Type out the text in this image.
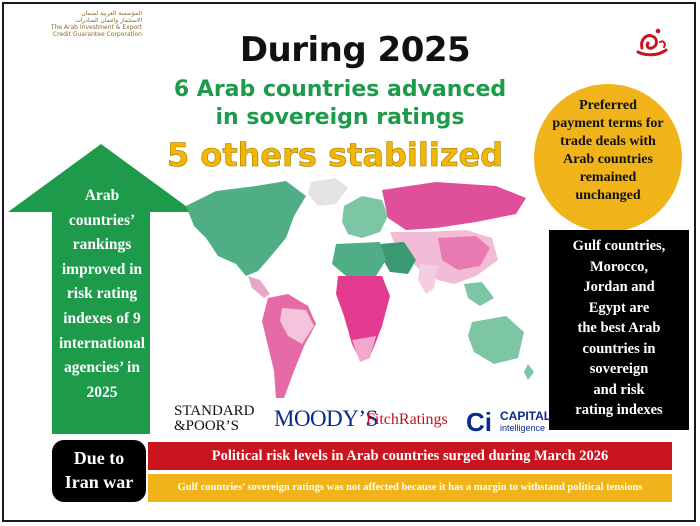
المؤسسة العربية لضمان
الاستثمار وائتمان الصادرات
The Arab Investment & Export
Credit Guarantee Corporation	During 2025
6 Arab countries advanced
in sovereign ratings
5 others stabilized
Arab
countries’
rankings
improved in
risk rating
indexes of 9
international
agencies’ in
2025
Preferred
payment terms for
trade deals with
Arab countries
remained
unchanged
Gulf countries,
Morocco,
Jordan and
Egypt are
the best Arab
countries in
sovereign
and risk
rating indexes
STANDARD
&POOR’S	MOODY’S
FitchRatings Ci CAPITAL
intelligence
Due to
Iran war
Political risk levels in Arab countries surged during March 2026
Gulf countries’ sovereign ratings was not affected because it has a margin to withstand political tensions
